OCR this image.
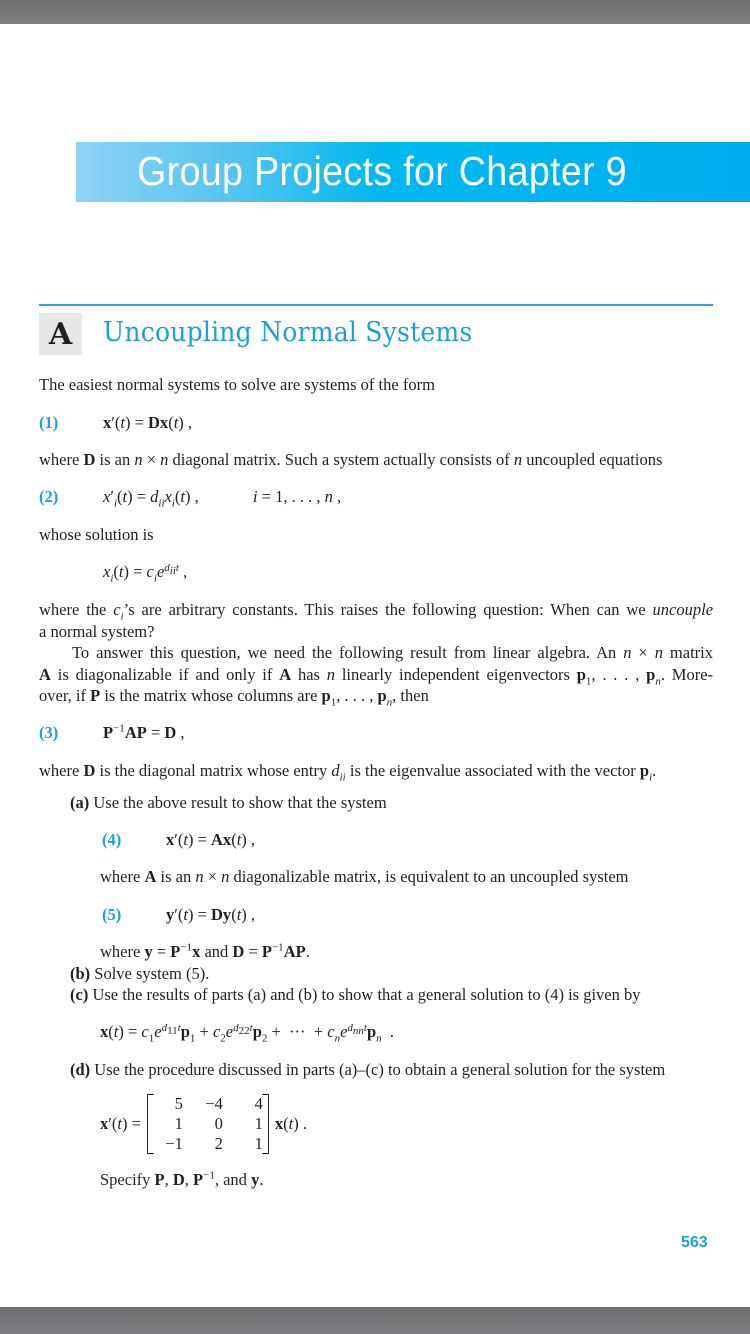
Group Projects for Chapter 9
A	Uncoupling Normal Systems
The easiest normal systems to solve are systems of the form
(1)	x′(t) = Dx(t) ,
where D is an n × n diagonal matrix. Such a system actually consists of n uncoupled equations
(2)	$x'_i(t) = d_{ii}x_i(t)$ ,	i = 1, . . . , n ,
whose solution is
$x_i(t) = c_ie^{d_{ii}t}$ ,
where the $c_i’s$ are arbitrary constants. This raises the following question: When can we uncouple
a normal system?
To answer this question, we need the following result from linear algebra. An n × n matrix
A is diagonalizable if and only if A has n linearly independent eigenvectors $p_1$, . . . , $p_n$. More-
over, if P is the matrix whose columns are $p_1$, . . . , $p_n$, then
(3)	$P^{-1}AP = D$ ,
where D is the diagonal matrix whose entry $d_{ii}$ is the eigenvalue associated with the vector $p_i$.
(a) Use the above result to show that the system
(4)	x′(t) = Ax(t) ,
where A is an n × n diagonalizable matrix, is equivalent to an uncoupled system
(5)	y′(t) = Dy(t) ,
where $y = P^{-1}x$ and $D = P^{-1}AP$.
(b) Solve system (5).
(c) Use the results of parts (a) and (b) to show that a general solution to (4) is given by
$x(t) = c_1e^{d_{11}t}p_1 + c_2e^{d_{22}t}p_2$ +  ···  + $c_ne^{d_{nn}t}p_n$  .
(d) Use the procedure discussed in parts (a)–(c) to obtain a general solution for the system
x′(t) =
5	−4	4
1	0	1
−1	2	1
x(t) .
Specify P, D, $P^{-1}$, and y.
563
